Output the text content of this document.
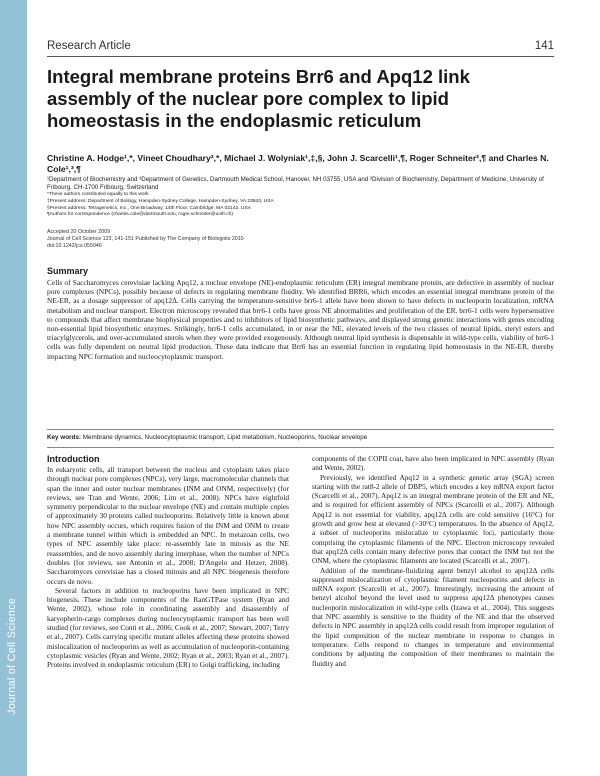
Journal of Cell Science
Research Article	141
Integral membrane proteins Brr6 and Apq12 link assembly of the nuclear pore complex to lipid homeostasis in the endoplasmic reticulum
Christine A. Hodge¹,*, Vineet Choudhary²,*, Michael J. Wolyniak¹,‡,§, John J. Scarcelli¹,¶, Roger Schneiter²,¶ and Charles N. Cole¹,³,¶

¹Department of Biochemistry and ³Department of Genetics, Dartmouth Medical School, Hanover, NH 03755, USA and ²Division of Biochemistry, Department of Medicine, University of Fribourg, CH-1700 Fribourg, Switzerland

*These authors contributed equally to this work

‡Present address: Department of Biology, Hampden-Sydney College, Hampden-Sydney, VA 23943, USA

§Present address: Tetragenetics, Inc., One Broadway, 14th Floor, Cambridge, MA 02142, USA

¶Authors for correspondence (charles.cole@dartmouth.edu; roger.schneiter@unifr.ch)

Accepted 20 October 2009

Journal of Cell Science 123, 141-151 Published by The Company of Biologists 2010

doi:10.1242/jcs.055046

Summary

Cells of Saccharomyces cerevisiae lacking Apq12, a nuclear envelope (NE)-endoplasmic reticulum (ER) integral membrane protein, are defective in assembly of nuclear pore complexes (NPCs), possibly because of defects in regulating membrane fluidity. We identified BRR6, which encodes an essential integral membrane protein of the NE-ER, as a dosage suppressor of apq12Δ. Cells carrying the temperature-sensitive brr6-1 allele have been shown to have defects in nucleoporin localization, mRNA metabolism and nuclear transport. Electron microscopy revealed that brr6-1 cells have gross NE abnormalities and proliferation of the ER. brr6-1 cells were hypersensitive to compounds that affect membrane biophysical properties and to inhibitors of lipid biosynthetic pathways, and displayed strong genetic interactions with genes encoding non-essential lipid biosynthetic enzymes. Strikingly, brr6-1 cells accumulated, in or near the NE, elevated levels of the two classes of neutral lipids, steryl esters and triacylglycerols, and over-accumulated sterols when they were provided exogenously. Although neutral lipid synthesis is dispensable in wild-type cells, viability of brr6-1 cells was fully dependent on neutral lipid production. These data indicate that Brr6 has an essential function in regulating lipid homeostasis in the NE-ER, thereby impacting NPC formation and nucleocytoplasmic transport.

Key words: Membrane dynamics, Nucleocytoplasmic transport, Lipid metabolism, Nucleoporins, Nuclear envelope
Introduction

In eukaryotic cells, all transport between the nucleus and cytoplasm takes place through nuclear pore complexes (NPCs), very large, macromolecular channels that span the inner and outer nuclear membranes (INM and ONM, respectively) (for reviews, see Tran and Wente, 2006; Lim et al., 2008). NPCs have eightfold symmetry perpendicular to the nuclear envelope (NE) and contain multiple copies of approximately 30 proteins called nucleoporins. Relatively little is known about how NPC assembly occurs, which requires fusion of the INM and ONM to create a membrane tunnel within which is embedded an NPC. In metazoan cells, two types of NPC assembly take place: re-assembly late in mitosis as the NE reassembles, and de novo assembly during interphase, when the number of NPCs doubles (for reviews, see Antonin et al., 2008; D'Angelo and Hetzer, 2008). Saccharomyces cerevisiae has a closed mitosis and all NPC biogenesis therefore occurs de novo.

Several factors in addition to nucleoporins have been implicated in NPC biogenesis. These include components of the RanGTPase system (Ryan and Wente, 2002), whose role in coordinating assembly and disassembly of karyopherin-cargo complexes during nucleocytoplasmic transport has been well studied (for reviews, see Conti et al., 2006; Cook et al., 2007; Stewart, 2007; Terry et al., 2007). Cells carrying specific mutant alleles affecting these proteins showed mislocalization of nucleoporins as well as accumulation of nucleoporin-containing cytoplasmic vesicles (Ryan and Wente, 2002; Ryan et al., 2003; Ryan et al., 2007). Proteins involved in endoplasmic reticulum (ER) to Golgi trafficking, including

components of the COPII coat, have also been implicated in NPC assembly (Ryan and Wente, 2002).

Previously, we identified Apq12 in a synthetic genetic array (SGA) screen starting with the rat8-2 allele of DBP5, which encodes a key mRNA export factor (Scarcelli et al., 2007). Apq12 is an integral membrane protein of the ER and NE, and is required for efficient assembly of NPCs (Scarcelli et al., 2007). Although Apq12 is not essential for viability, apq12Δ cells are cold sensitive (16°C) for growth and grow best at elevated (>30°C) temperatures. In the absence of Apq12, a subset of nucleoporins mislocalize to cytoplasmic foci, particularly those comprising the cytoplasmic filaments of the NPC. Electron microscopy revealed that apq12Δ cells contain many defective pores that contact the INM but not the ONM, where the cytoplasmic filaments are located (Scarcelli et al., 2007).

Addition of the membrane-fluidizing agent benzyl alcohol to apq12Δ cells suppressed mislocalization of cytoplasmic filament nucleoporins and defects in mRNA export (Scarcelli et al., 2007). Interestingly, increasing the amount of benzyl alcohol beyond the level used to suppress apq12Δ phenotypes causes nucleoporin mislocalization in wild-type cells (Izawa et al., 2004). This suggests that NPC assembly is sensitive to the fluidity of the NE and that the observed defects in NPC assembly in apq12Δ cells could result from improper regulation of the lipid composition of the nuclear membrane in response to changes in temperature. Cells respond to changes in temperature and environmental conditions by adjusting the composition of their membranes to maintain the fluidity and
